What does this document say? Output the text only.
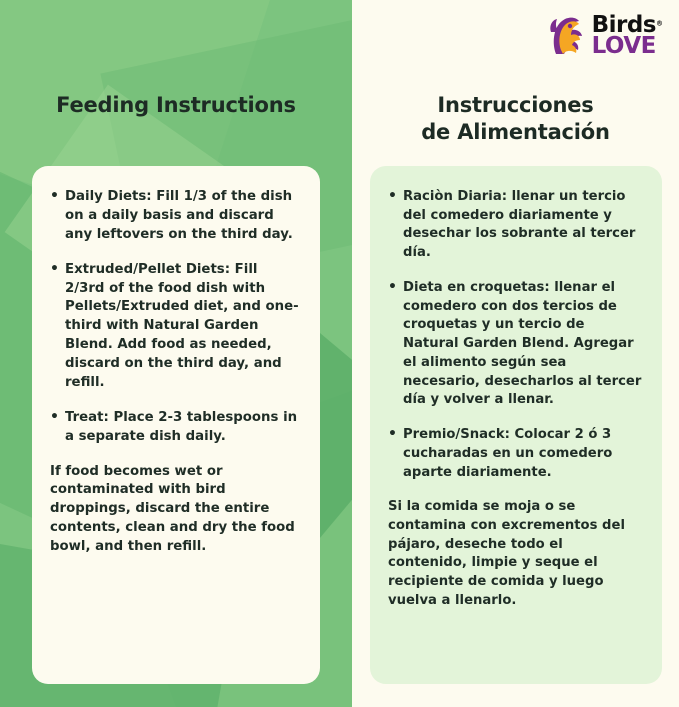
Feeding Instructions
• Daily Diets: Fill 1/3 of the dish on a daily basis and discard any leftovers on the third day.
• Extruded/Pellet Diets: Fill 2/3rd of the food dish with Pellets/Extruded diet, and one-third with Natural Garden Blend. Add food as needed, discard on the third day, and refill.
• Treat: Place 2-3 tablespoons in a separate dish daily.
If food becomes wet or contaminated with bird droppings, discard the entire contents, clean and dry the food bowl, and then refill.
Birds®
LOVE
Instrucciones
de Alimentación
• Raciòn Diaria: llenar un tercio del comedero diariamente y desechar los sobrante al tercer día.
• Dieta en croquetas: llenar el comedero con dos tercios de croquetas y un tercio de Natural Garden Blend. Agregar el alimento según sea necesario, desecharlos al tercer día y volver a llenar.
• Premio/Snack: Colocar 2 ó 3 cucharadas en un comedero aparte diariamente.
Si la comida se moja o se contamina con excrementos del pájaro, deseche todo el contenido, limpie y seque el recipiente de comida y luego vuelva a llenarlo.
